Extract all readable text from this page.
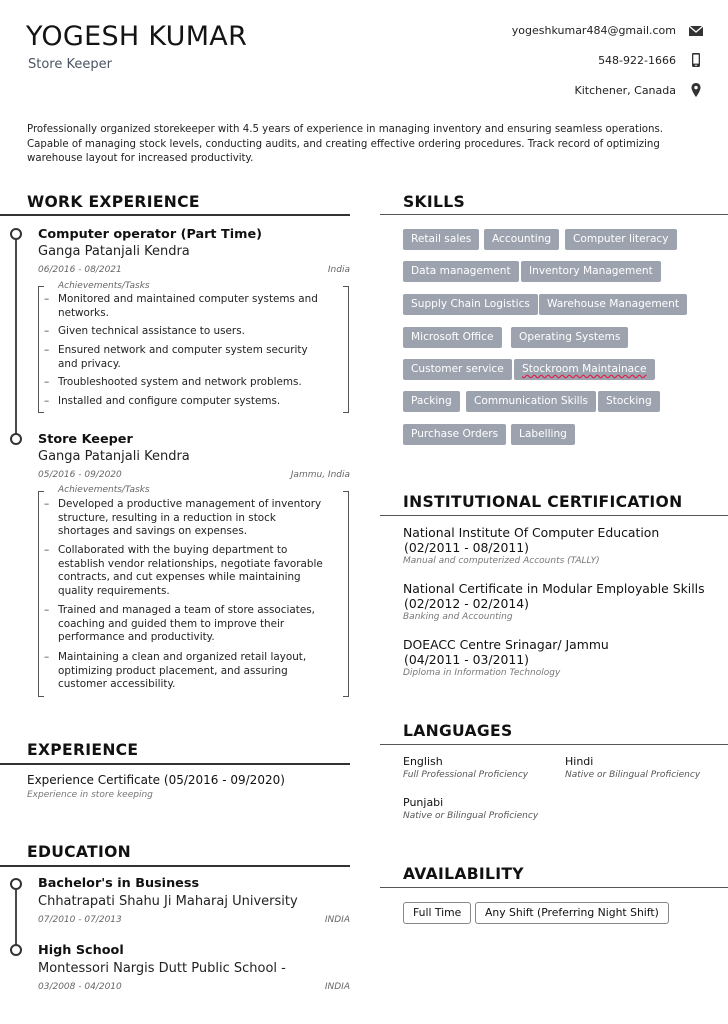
YOGESH KUMAR
Store Keeper
yogeshkumar484@gmail.com
548-922-1666
Kitchener, Canada
Professionally organized storekeeper with 4.5 years of experience in managing inventory and ensuring seamless operations. Capable of managing stock levels, conducting audits, and creating effective ordering procedures. Track record of optimizing warehouse layout for increased productivity.
WORK EXPERIENCE
Computer operator (Part Time)
Ganga Patanjali Kendra
06/2016 - 08/2021	India
Achievements/Tasks
– Monitored and maintained computer systems and networks.
– Given technical assistance to users.
– Ensured network and computer system security and privacy.
– Troubleshooted system and network problems.
– Installed and configure computer systems.
Store Keeper
Ganga Patanjali Kendra
05/2016 - 09/2020	Jammu, India
Achievements/Tasks
– Developed a productive management of inventory structure, resulting in a reduction in stock shortages and savings on expenses.
– Collaborated with the buying department to establish vendor relationships, negotiate favorable contracts, and cut expenses while maintaining quality requirements.
– Trained and managed a team of store associates, coaching and guided them to improve their performance and productivity.
– Maintaining a clean and organized retail layout, optimizing product placement, and assuring customer accessibility.
EXPERIENCE
Experience Certificate (05/2016 - 09/2020)
Experience in store keeping
EDUCATION
Bachelor's in Business
Chhatrapati Shahu Ji Maharaj University
07/2010 - 07/2013	INDIA
High School
Montessori Nargis Dutt Public School -
03/2008 - 04/2010	INDIA
SKILLS
Retail sales	Accounting	Computer literacy
Data management	Inventory Management
Supply Chain Logistics	Warehouse Management
Microsoft Office	Operating Systems
Customer service	Stockroom Maintainace
Packing	Communication Skills	Stocking
Purchase Orders	Labelling
INSTITUTIONAL CERTIFICATION
National Institute Of Computer Education
(02/2011 - 08/2011)
Manual and computerized Accounts (TALLY)
National Certificate in Modular Employable Skills
(02/2012 - 02/2014)
Banking and Accounting
DOEACC Centre Srinagar/ Jammu
(04/2011 - 03/2011)
Diploma in Information Technology
LANGUAGES
English
Full Professional Proficiency
Hindi
Native or Bilingual Proficiency
Punjabi
Native or Bilingual Proficiency
AVAILABILITY
Full Time	Any Shift (Preferring Night Shift)
